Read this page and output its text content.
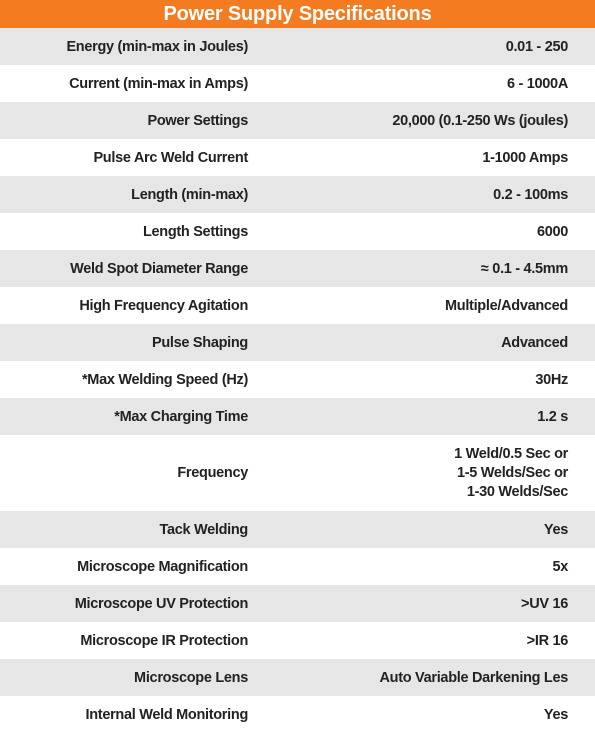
Power Supply Specifications
Energy (min-max in Joules)	0.01 - 250
Current (min-max in Amps)	6 - 1000A
Power Settings	20,000 (0.1-250 Ws (joules)
Pulse Arc Weld Current	1-1000 Amps
Length (min-max)	0.2 - 100ms
Length Settings	6000
Weld Spot Diameter Range	≈ 0.1 - 4.5mm
High Frequency Agitation	Multiple/Advanced
Pulse Shaping	Advanced
*Max Welding Speed (Hz)	30Hz
*Max Charging Time	1.2 s
Frequency	1 Weld/0.5 Sec or
1-5 Welds/Sec or
1-30 Welds/Sec

Tack Welding	Yes
Microscope Magnification	5x
Microscope UV Protection	>UV 16
Microscope IR Protection	>IR 16
Microscope Lens	Auto Variable Darkening Les
Internal Weld Monitoring	Yes
